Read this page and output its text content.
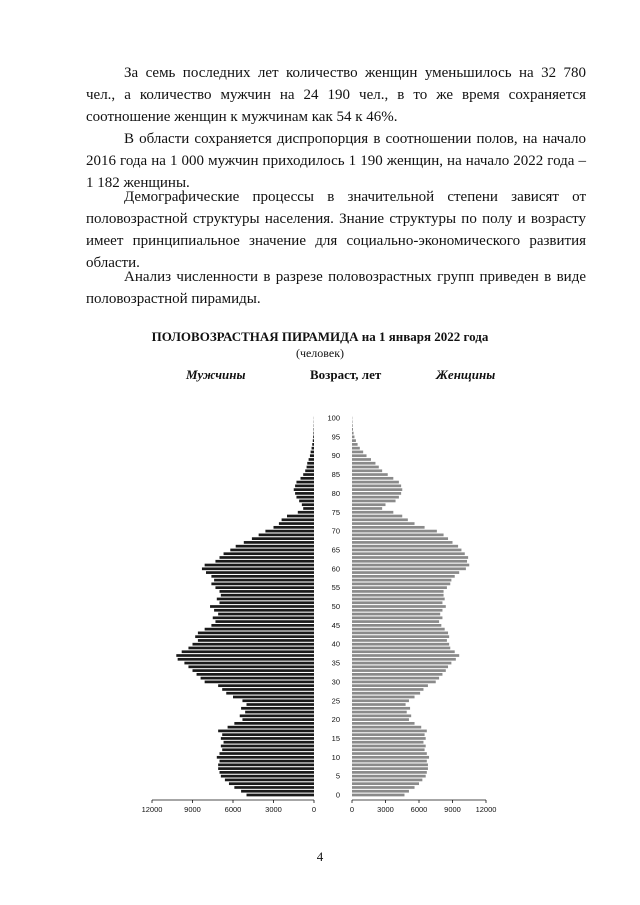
За семь последних лет количество женщин уменьшилось на 32 780 чел., а количество мужчин на 24 190 чел., в то же время сохраняется соотношение женщин к мужчинам как 54 к 46%.

В области сохраняется диспропорция в соотношении полов, на начало 2016 года на 1 000 мужчин приходилось 1 190 женщин, на начало 2022 года – 1 182 женщины.

Демографические процессы в значительной степени зависят от половозрастной структуры населения. Знание структуры по полу и возрасту имеет принципиальное значение для социально-экономического развития области.

Анализ численности в разрезе половозрастных групп приведен в виде половозрастной пирамиды.

ПОЛОВОЗРАСТНАЯ ПИРАМИДА на 1 января 2022 года
(человек)
Мужчины	Возраст, лет	Женщины
0
5
10
15
20
25
30
35
40
45
50
55
60
65
70
75
80
85
90
95
100
12000	9000	6000	3000	0	0	3000 6000 9000 12000
4
